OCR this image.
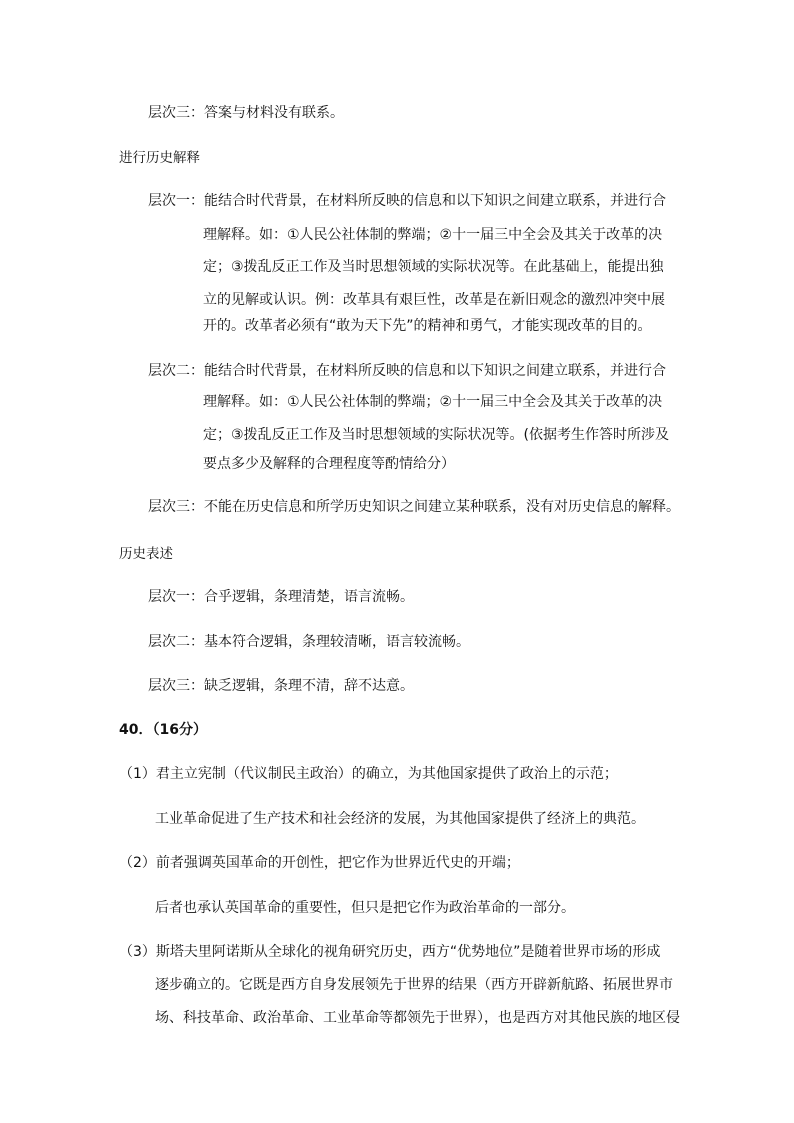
层次三：答案与材料没有联系。
进行历史解释
层次一：能结合时代背景，在材料所反映的信息和以下知识之间建立联系，并进行合
理解释。如：①人民公社体制的弊端；②十一届三中全会及其关于改革的决
定；③拨乱反正工作及当时思想领域的实际状况等。在此基础上，能提出独
立的见解或认识。例：改革具有艰巨性，改革是在新旧观念的激烈冲突中展
开的。改革者必须有“敢为天下先”的精神和勇气，才能实现改革的目的。
层次二：能结合时代背景，在材料所反映的信息和以下知识之间建立联系，并进行合
理解释。如：①人民公社体制的弊端；②十一届三中全会及其关于改革的决
定；③拨乱反正工作及当时思想领域的实际状况等。(依据考生作答时所涉及
要点多少及解释的合理程度等酌情给分）
层次三：不能在历史信息和所学历史知识之间建立某种联系，没有对历史信息的解释。
历史表述
层次一：合乎逻辑，条理清楚，语言流畅。
层次二：基本符合逻辑，条理较清晰，语言较流畅。
层次三：缺乏逻辑，条理不清，辞不达意。
40．（16分）
（1）君主立宪制（代议制民主政治）的确立，为其他国家提供了政治上的示范；
工业革命促进了生产技术和社会经济的发展，为其他国家提供了经济上的典范。
（2）前者强调英国革命的开创性，把它作为世界近代史的开端；
后者也承认英国革命的重要性，但只是把它作为政治革命的一部分。
（3）斯塔夫里阿诺斯从全球化的视角研究历史，西方“优势地位”是随着世界市场的形成
逐步确立的。它既是西方自身发展领先于世界的结果（西方开辟新航路、拓展世界市
场、科技革命、政治革命、工业革命等都领先于世界），也是西方对其他民族的地区侵
